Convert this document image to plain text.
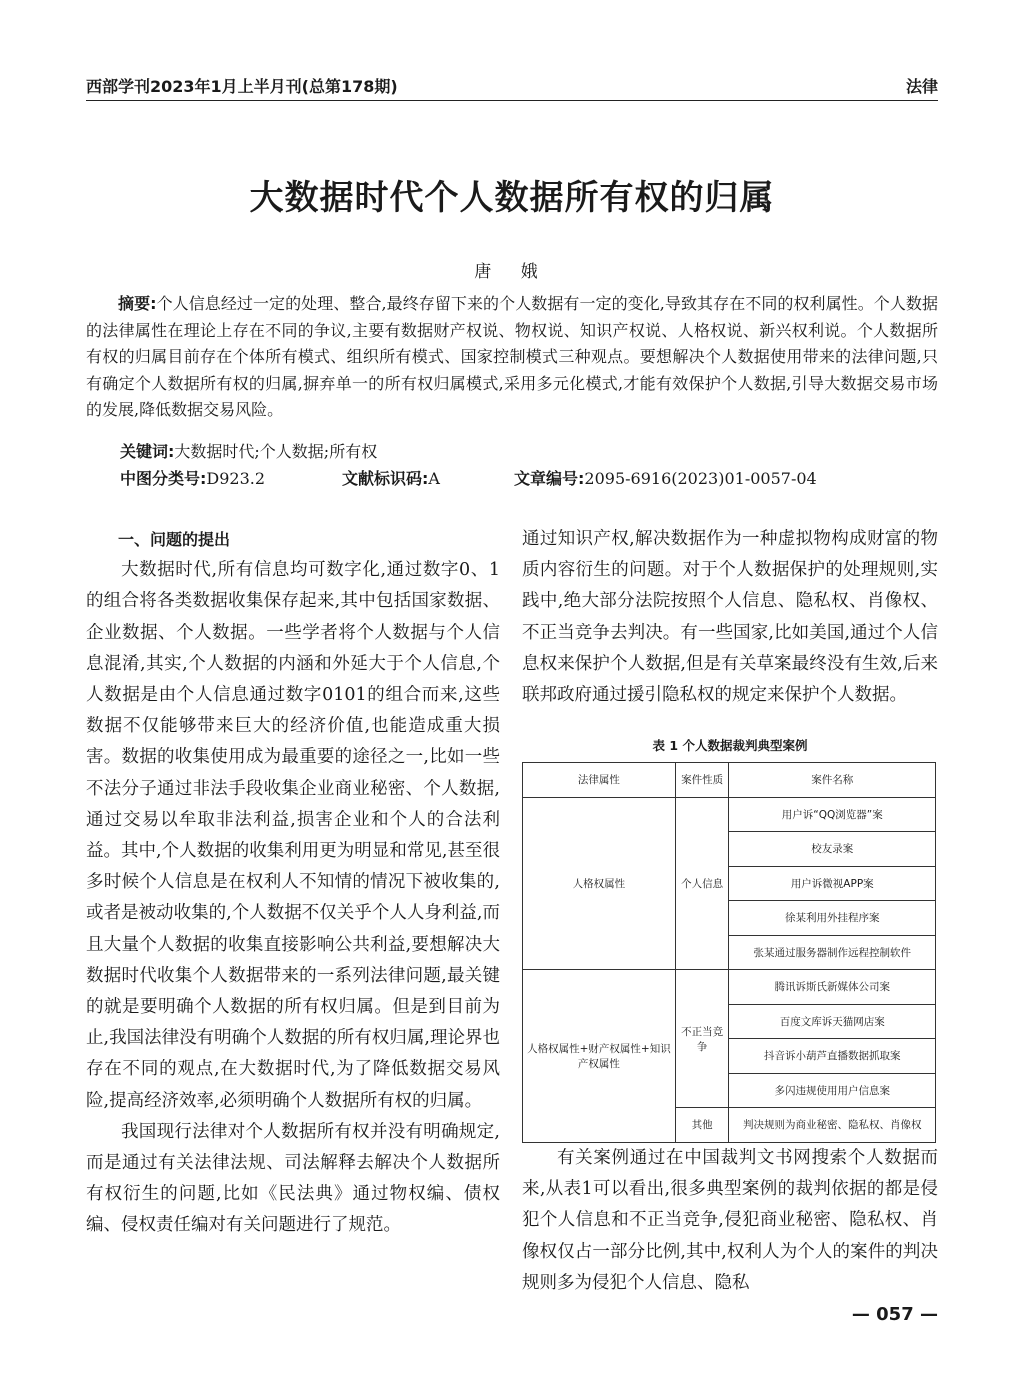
西部学刊2023年1月上半月刊(总第178期)	法律
大数据时代个人数据所有权的归属
唐 娥

摘要:个人信息经过一定的处理、整合,最终存留下来的个人数据有一定的变化,导致其存在不同的权利属性。个人数据的法律属性在理论上存在不同的争议,主要有数据财产权说、物权说、知识产权说、人格权说、新兴权利说。个人数据所有权的归属目前存在个体所有模式、组织所有模式、国家控制模式三种观点。要想解决个人数据使用带来的法律问题,只有确定个人数据所有权的归属,摒弃单一的所有权归属模式,采用多元化模式,才能有效保护个人数据,引导大数据交易市场的发展,降低数据交易风险。

关键词:大数据时代;个人数据;所有权
中图分类号:D923.2	文献标识码:A	文章编号:2095-6916(2023)01-0057-04

一、问题的提出

大数据时代,所有信息均可数字化,通过数字0、1的组合将各类数据收集保存起来,其中包括国家数据、企业数据、个人数据。一些学者将个人数据与个人信息混淆,其实,个人数据的内涵和外延大于个人信息,个人数据是由个人信息通过数字0101的组合而来,这些数据不仅能够带来巨大的经济价值,也能造成重大损害。数据的收集使用成为最重要的途径之一,比如一些不法分子通过非法手段收集企业商业秘密、个人数据,通过交易以牟取非法利益,损害企业和个人的合法利益。其中,个人数据的收集利用更为明显和常见,甚至很多时候个人信息是在权利人不知情的情况下被收集的,或者是被动收集的,个人数据不仅关乎个人人身利益,而且大量个人数据的收集直接影响公共利益,要想解决大数据时代收集个人数据带来的一系列法律问题,最关键的就是要明确个人数据的所有权归属。但是到目前为止,我国法律没有明确个人数据的所有权归属,理论界也存在不同的观点,在大数据时代,为了降低数据交易风险,提高经济效率,必须明确个人数据所有权的归属。

我国现行法律对个人数据所有权并没有明确规定,而是通过有关法律法规、司法解释去解决个人数据所有权衍生的问题,比如《民法典》通过物权编、债权编、侵权责任编对有关问题进行了规范。

通过知识产权,解决数据作为一种虚拟物构成财富的物质内容衍生的问题。对于个人数据保护的处理规则,实践中,绝大部分法院按照个人信息、隐私权、肖像权、不正当竞争去判决。有一些国家,比如美国,通过个人信息权来保护个人数据,但是有关草案最终没有生效,后来联邦政府通过援引隐私权的规定来保护个人数据。

表 1 个人数据裁判典型案例
法律属性	案件性质	案件名称
人格权属性	个人信息	用户诉“QQ浏览器”案
		校友录案
		用户诉微视APP案
		徐某利用外挂程序案
		张某通过服务器制作远程控制软件
人格权属性+财产权属性+知识产权属性	不正当竞争	腾讯诉斯氏新媒体公司案
		百度文库诉天猫网店案
		抖音诉小葫芦直播数据抓取案
		多闪违规使用用户信息案
	其他	判决规则为商业秘密、隐私权、肖像权

有关案例通过在中国裁判文书网搜索个人数据而来,从表1可以看出,很多典型案例的裁判依据的都是侵犯个人信息和不正当竞争,侵犯商业秘密、隐私权、肖像权仅占一部分比例,其中,权利人为个人的案件的判决规则多为侵犯个人信息、隐私

— 057 —
